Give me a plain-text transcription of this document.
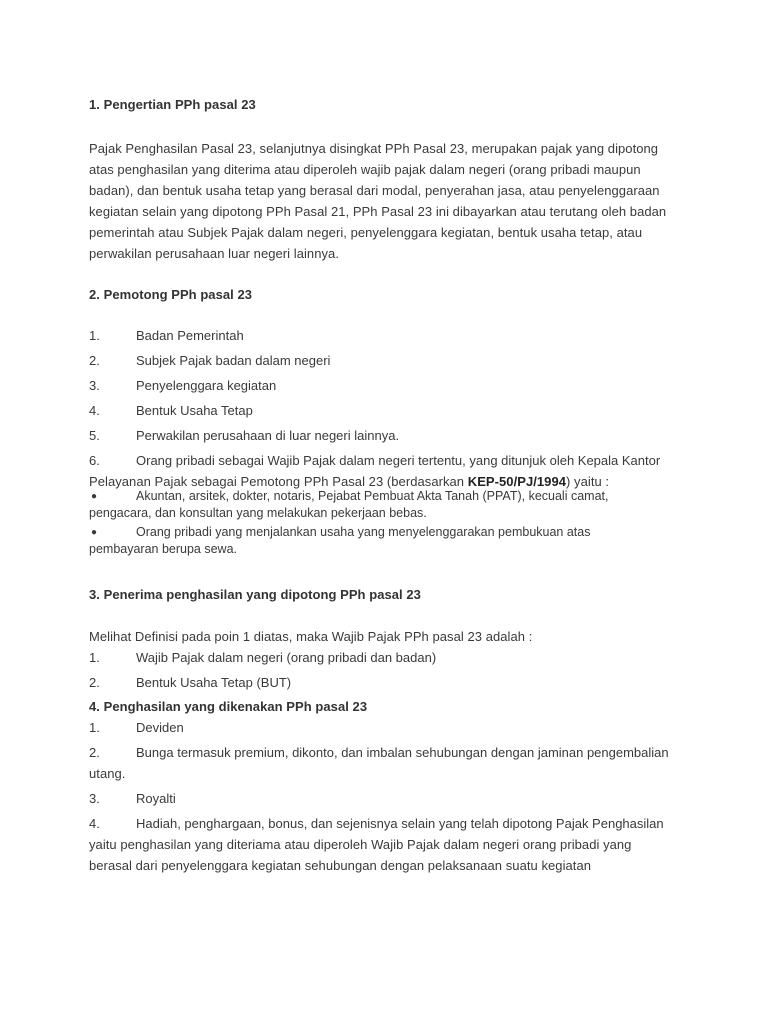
1. Pengertian PPh pasal 23
Pajak Penghasilan Pasal 23, selanjutnya disingkat PPh Pasal 23, merupakan pajak yang dipotong
atas penghasilan yang diterima atau diperoleh wajib pajak dalam negeri (orang pribadi maupun
badan), dan bentuk usaha tetap yang berasal dari modal, penyerahan jasa, atau penyelenggaraan
kegiatan selain yang dipotong PPh Pasal 21, PPh Pasal 23 ini dibayarkan atau terutang oleh badan
pemerintah atau Subjek Pajak dalam negeri, penyelenggara kegiatan, bentuk usaha tetap, atau
perwakilan perusahaan luar negeri lainnya.
2. Pemotong PPh pasal 23
1.	Badan Pemerintah
2.	Subjek Pajak badan dalam negeri
3.	Penyelenggara kegiatan
4.	Bentuk Usaha Tetap
5.	Perwakilan perusahaan di luar negeri lainnya.
6.	Orang pribadi sebagai Wajib Pajak dalam negeri tertentu, yang ditunjuk oleh Kepala Kantor
Pelayanan Pajak sebagai Pemotong PPh Pasal 23 (berdasarkan KEP-50/PJ/1994) yaitu :
●	Akuntan, arsitek, dokter, notaris, Pejabat Pembuat Akta Tanah (PPAT), kecuali camat,
pengacara, dan konsultan yang melakukan pekerjaan bebas.
●	Orang pribadi yang menjalankan usaha yang menyelenggarakan pembukuan atas
pembayaran berupa sewa.
3. Penerima penghasilan yang dipotong PPh pasal 23
Melihat Definisi pada poin 1 diatas, maka Wajib Pajak PPh pasal 23 adalah :
1.	Wajib Pajak dalam negeri (orang pribadi dan badan)
2.	Bentuk Usaha Tetap (BUT)
4. Penghasilan yang dikenakan PPh pasal 23
1.	Deviden
2.	Bunga termasuk premium, dikonto, dan imbalan sehubungan dengan jaminan pengembalian
utang.
3.	Royalti
4.	Hadiah, penghargaan, bonus, dan sejenisnya selain yang telah dipotong Pajak Penghasilan
yaitu penghasilan yang diteriama atau diperoleh Wajib Pajak dalam negeri orang pribadi yang
berasal dari penyelenggara kegiatan sehubungan dengan pelaksanaan suatu kegiatan
